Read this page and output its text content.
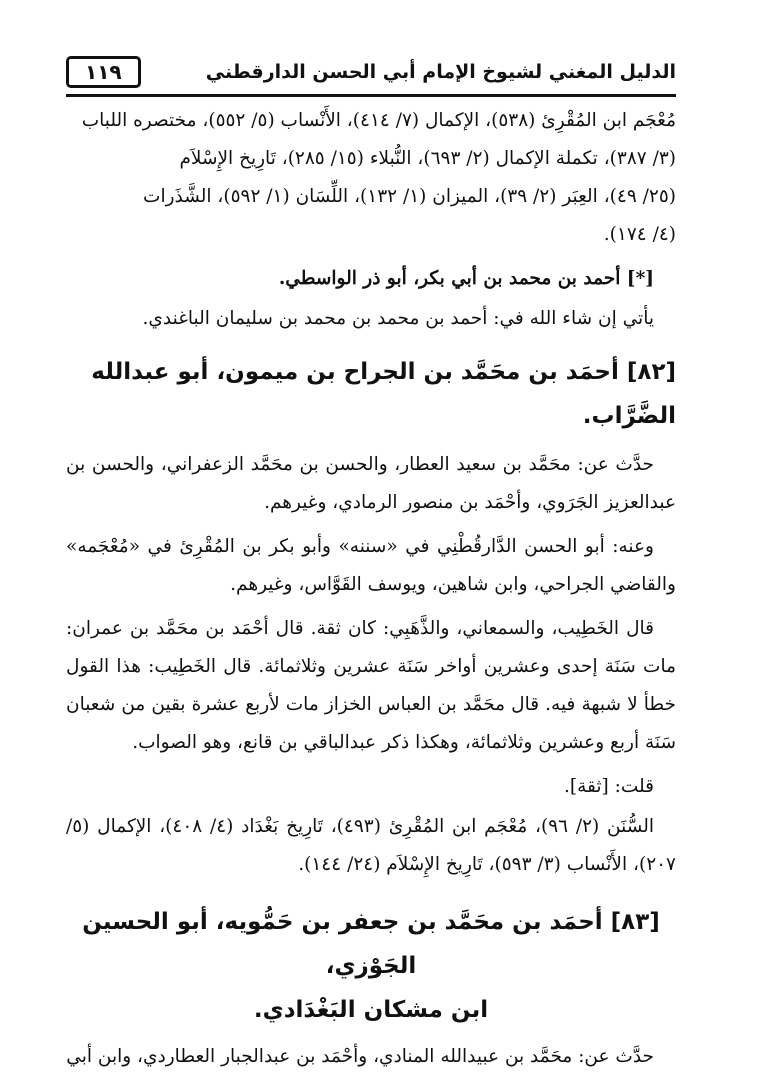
الدليل المغني لشيوخ الإمام أبي الحسن الدارقطني
١١٩

مُعْجَم ابن المُقْرِئ (٥٣٨)، الإكمال (٧/ ٤١٤)، الأَنْساب (٥/ ٥٥٢)، مختصره اللباب

(٣/ ٣٨٧)، تكملة الإكمال (٢/ ٦٩٣)، النُّبلاء (١٥/ ٢٨٥)، تَارِيخ الإِسْلاَم

(٢٥/ ٤٩)، العِبَر (٢/ ٣٩)، الميزان (١/ ١٣٢)، اللِّسَان (١/ ٥٩٢)، الشَّذَرات

(٤/ ١٧٤).

[*] أحمد بن محمد بن أبي بكر، أبو ذر الواسطي.

يأتي إن شاء الله في: أحمد بن محمد بن محمد بن سليمان الباغندي.

[٨٢] أحمَد بن محَمَّد بن الجراح بن ميمون، أبو عبدالله الضَّرَّاب.

حدَّث عن: محَمَّد بن سعيد العطار، والحسن بن محَمَّد الزعفراني، والحسن بن عبدالعزيز الجَرَوي، وأحْمَد بن منصور الرمادي، وغيرهم.

وعنه: أبو الحسن الدَّارقُطْنِي في «سننه» وأبو بكر بن المُقْرِئ في «مُعْجَمه» والقاضي الجراحي، وابن شاهين، ويوسف القَوَّاس، وغيرهم.

قال الخَطِيب، والسمعاني، والذَّهَبِي: كان ثقة. قال أحْمَد بن محَمَّد بن عمران: مات سَنَة إحدى وعشرين أواخر سَنَة عشرين وثلاثمائة. قال الخَطِيب: هذا القول خطأ لا شبهة فيه. قال محَمَّد بن العباس الخزاز مات لأربع عشرة بقين من شعبان سَنَة أربع وعشرين وثلاثمائة، وهكذا ذكر عبدالباقي بن قانع، وهو الصواب.

قلت: [ثقة].

السُّنَن (٢/ ٩٦)، مُعْجَم ابن المُقْرِئ (٤٩٣)، تَارِيخ بَغْدَاد (٤/ ٤٠٨)، الإكمال (٥/ ٢٠٧)، الأَنْساب (٣/ ٥٩٣)، تَارِيخ الإِسْلاَم (٢٤/ ١٤٤).

[٨٣] أحمَد بن محَمَّد بن جعفر بن حَمُّويه، أبو الحسين الجَوْزي،
ابن مشكان البَغْدَادي.

حدَّث عن: محَمَّد بن عبيدالله المنادي، وأحْمَد بن عبدالجبار العطاردي، وابن أبي
